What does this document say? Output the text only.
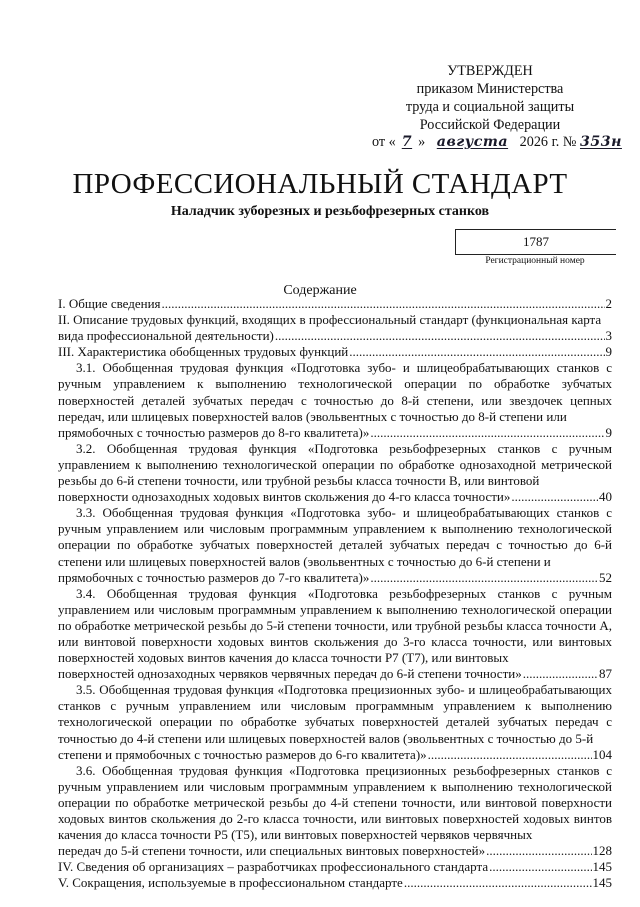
УТВЕРЖДЕН
приказом Министерства
труда и социальной защиты
Российской Федерации
от « 7 » августа 2026 г. № 353н
ПРОФЕССИОНАЛЬНЫЙ СТАНДАРТ
Наладчик зуборезных и резьбофрезерных станков
1787
Регистрационный номер
Содержание
I. Общие сведения .....	2
II. Описание трудовых функций, входящих в профессиональный стандарт (функциональная карта
вида профессиональной деятельности) .....	3
III. Характеристика обобщенных трудовых функций .....	9
3.1. Обобщенная трудовая функция «Подготовка зубо- и шлицеобрабатывающих станков с ручным управлением к выполнению технологической операции по обработке зубчатых поверхностей деталей зубчатых передач с точностью до 8-й степени, или звездочек цепных передач, или шлицевых поверхностей валов (эвольвентных с точностью до 8-й степени или
прямобочных с точностью размеров до 8-го квалитета)» .....	9
3.2. Обобщенная трудовая функция «Подготовка резьбофрезерных станков с ручным управлением к выполнению технологической операции по обработке однозаходной метрической резьбы до 6-й степени точности, или трубной резьбы класса точности В, или винтовой
поверхности однозаходных ходовых винтов скольжения до 4-го класса точности» .....	40
3.3. Обобщенная трудовая функция «Подготовка зубо- и шлицеобрабатывающих станков с ручным управлением или числовым программным управлением к выполнению технологической операции по обработке зубчатых поверхностей деталей зубчатых передач с точностью до 6-й степени или шлицевых поверхностей валов (эвольвентных с точностью до 6-й степени и
прямобочных с точностью размеров до 7-го квалитета)» .....	52
3.4. Обобщенная трудовая функция «Подготовка резьбофрезерных станков с ручным управлением или числовым программным управлением к выполнению технологической операции по обработке метрической резьбы до 5-й степени точности, или трубной резьбы класса точности А, или винтовой поверхности ходовых винтов скольжения до 3-го класса точности, или винтовых поверхностей ходовых винтов качения до класса точности Р7 (Т7), или винтовых
поверхностей однозаходных червяков червячных передач до 6-й степени точности» .....	87
3.5. Обобщенная трудовая функция «Подготовка прецизионных зубо- и шлицеобрабатывающих станков с ручным управлением или числовым программным управлением к выполнению технологической операции по обработке зубчатых поверхностей деталей зубчатых передач с точностью до 4-й степени или шлицевых поверхностей валов (эвольвентных с точностью до 5-й
степени и прямобочных с точностью размеров до 6-го квалитета)» .....	104
3.6. Обобщенная трудовая функция «Подготовка прецизионных резьбофрезерных станков с ручным управлением или числовым программным управлением к выполнению технологической операции по обработке метрической резьбы до 4-й степени точности, или винтовой поверхности ходовых винтов скольжения до 2-го класса точности, или винтовых поверхностей ходовых винтов качения до класса точности Р5 (Т5), или винтовых поверхностей червяков червячных
передач до 5-й степени точности, или специальных винтовых поверхностей» .....	128
IV. Сведения об организациях – разработчиках профессионального стандарта .....	145
V. Сокращения, используемые в профессиональном стандарте .....	145
